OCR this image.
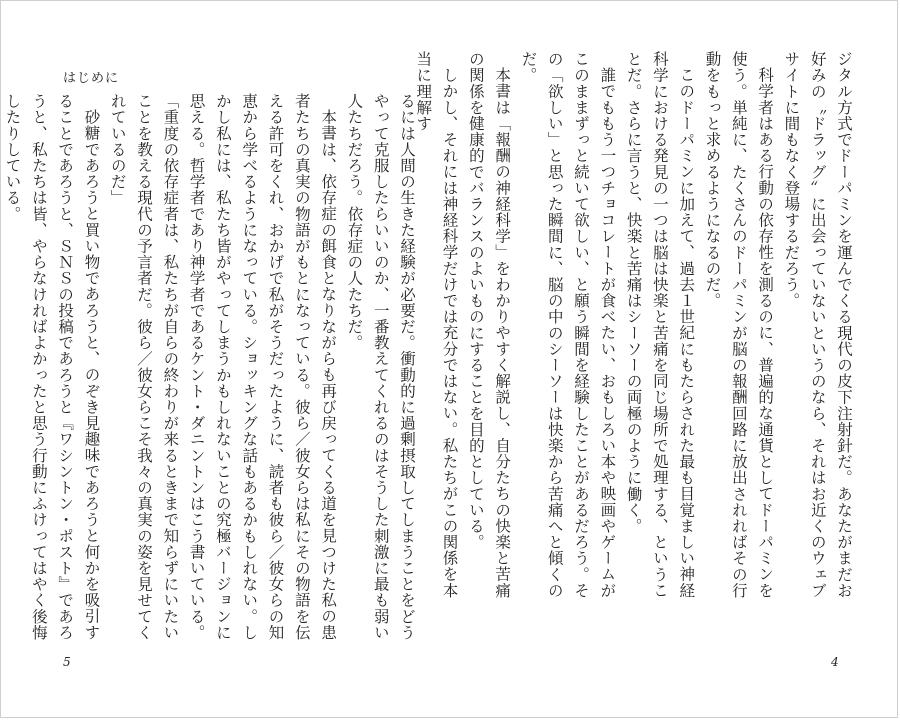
はじめに

るには人間の生きた経験が必要だ。衝動的に過剰摂取してしまうことをどうやって克服したらいいのか、一番教えてくれるのはそうした刺激に最も弱い人たちだろう。依存症の人たちだ。

本書は、依存症の餌食となりながらも再び戻ってくる道を見つけた私の患者たちの真実の物語がもとになっている。彼ら／彼女らは私にその物語を伝える許可をくれ、おかげで私がそうだったように、読者も彼ら／彼女らの知恵から学べるようになっている。ショッキングな話もあるかもしれない。しかし私には、私たち皆がやってしまうかもしれないことの究極バージョンに思える。哲学者であり神学者であるケント・ダニントンはこう書いている。「重度の依存症者は、私たちが自らの終わりが来るときまで知らずにいたいことを教える現代の予言者だ。彼ら／彼女らこそ我々の真実の姿を見せてくれているのだ」

砂糖であろうと買い物であろうと、のぞき見趣味であろうと何かを吸引することであろうと、ＳＮＳの投稿であろうと『ワシントン・ポスト』であろうと、私たちは皆、やらなければよかったと思う行動にふけってはやく後悔したりしている。

5

ジタル方式でドーパミンを運んでくる現代の皮下注射針だ。あなたがまだお好みの〝ドラッグ〟に出会っていないというのなら、それはお近くのウェブサイトに間もなく登場するだろう。

科学者はある行動の依存性を測るのに、普遍的な通貨としてドーパミンを使う。単純に、たくさんのドーパミンが脳の報酬回路に放出されればその行動をもっと求めるようになるのだ。

このドーパミンに加えて、過去１世紀にもたらされた最も目覚ましい神経科学における発見の一つは脳は快楽と苦痛を同じ場所で処理する、ということだ。さらに言うと、快楽と苦痛はシーソーの両極のように働く。

誰でももう一つチョコレートが食べたい、おもしろい本や映画やゲームがこのままずっと続いて欲しい、と願う瞬間を経験したことがあるだろう。その「欲しい」と思った瞬間に、脳の中のシーソーは快楽から苦痛へと傾くのだ。

本書は「報酬の神経科学」をわかりやすく解説し、自分たちの快楽と苦痛の関係を健康的でバランスのよいものにすることを目的としている。

しかし、それには神経科学だけでは充分ではない。私たちがこの関係を本当に理解す

4
